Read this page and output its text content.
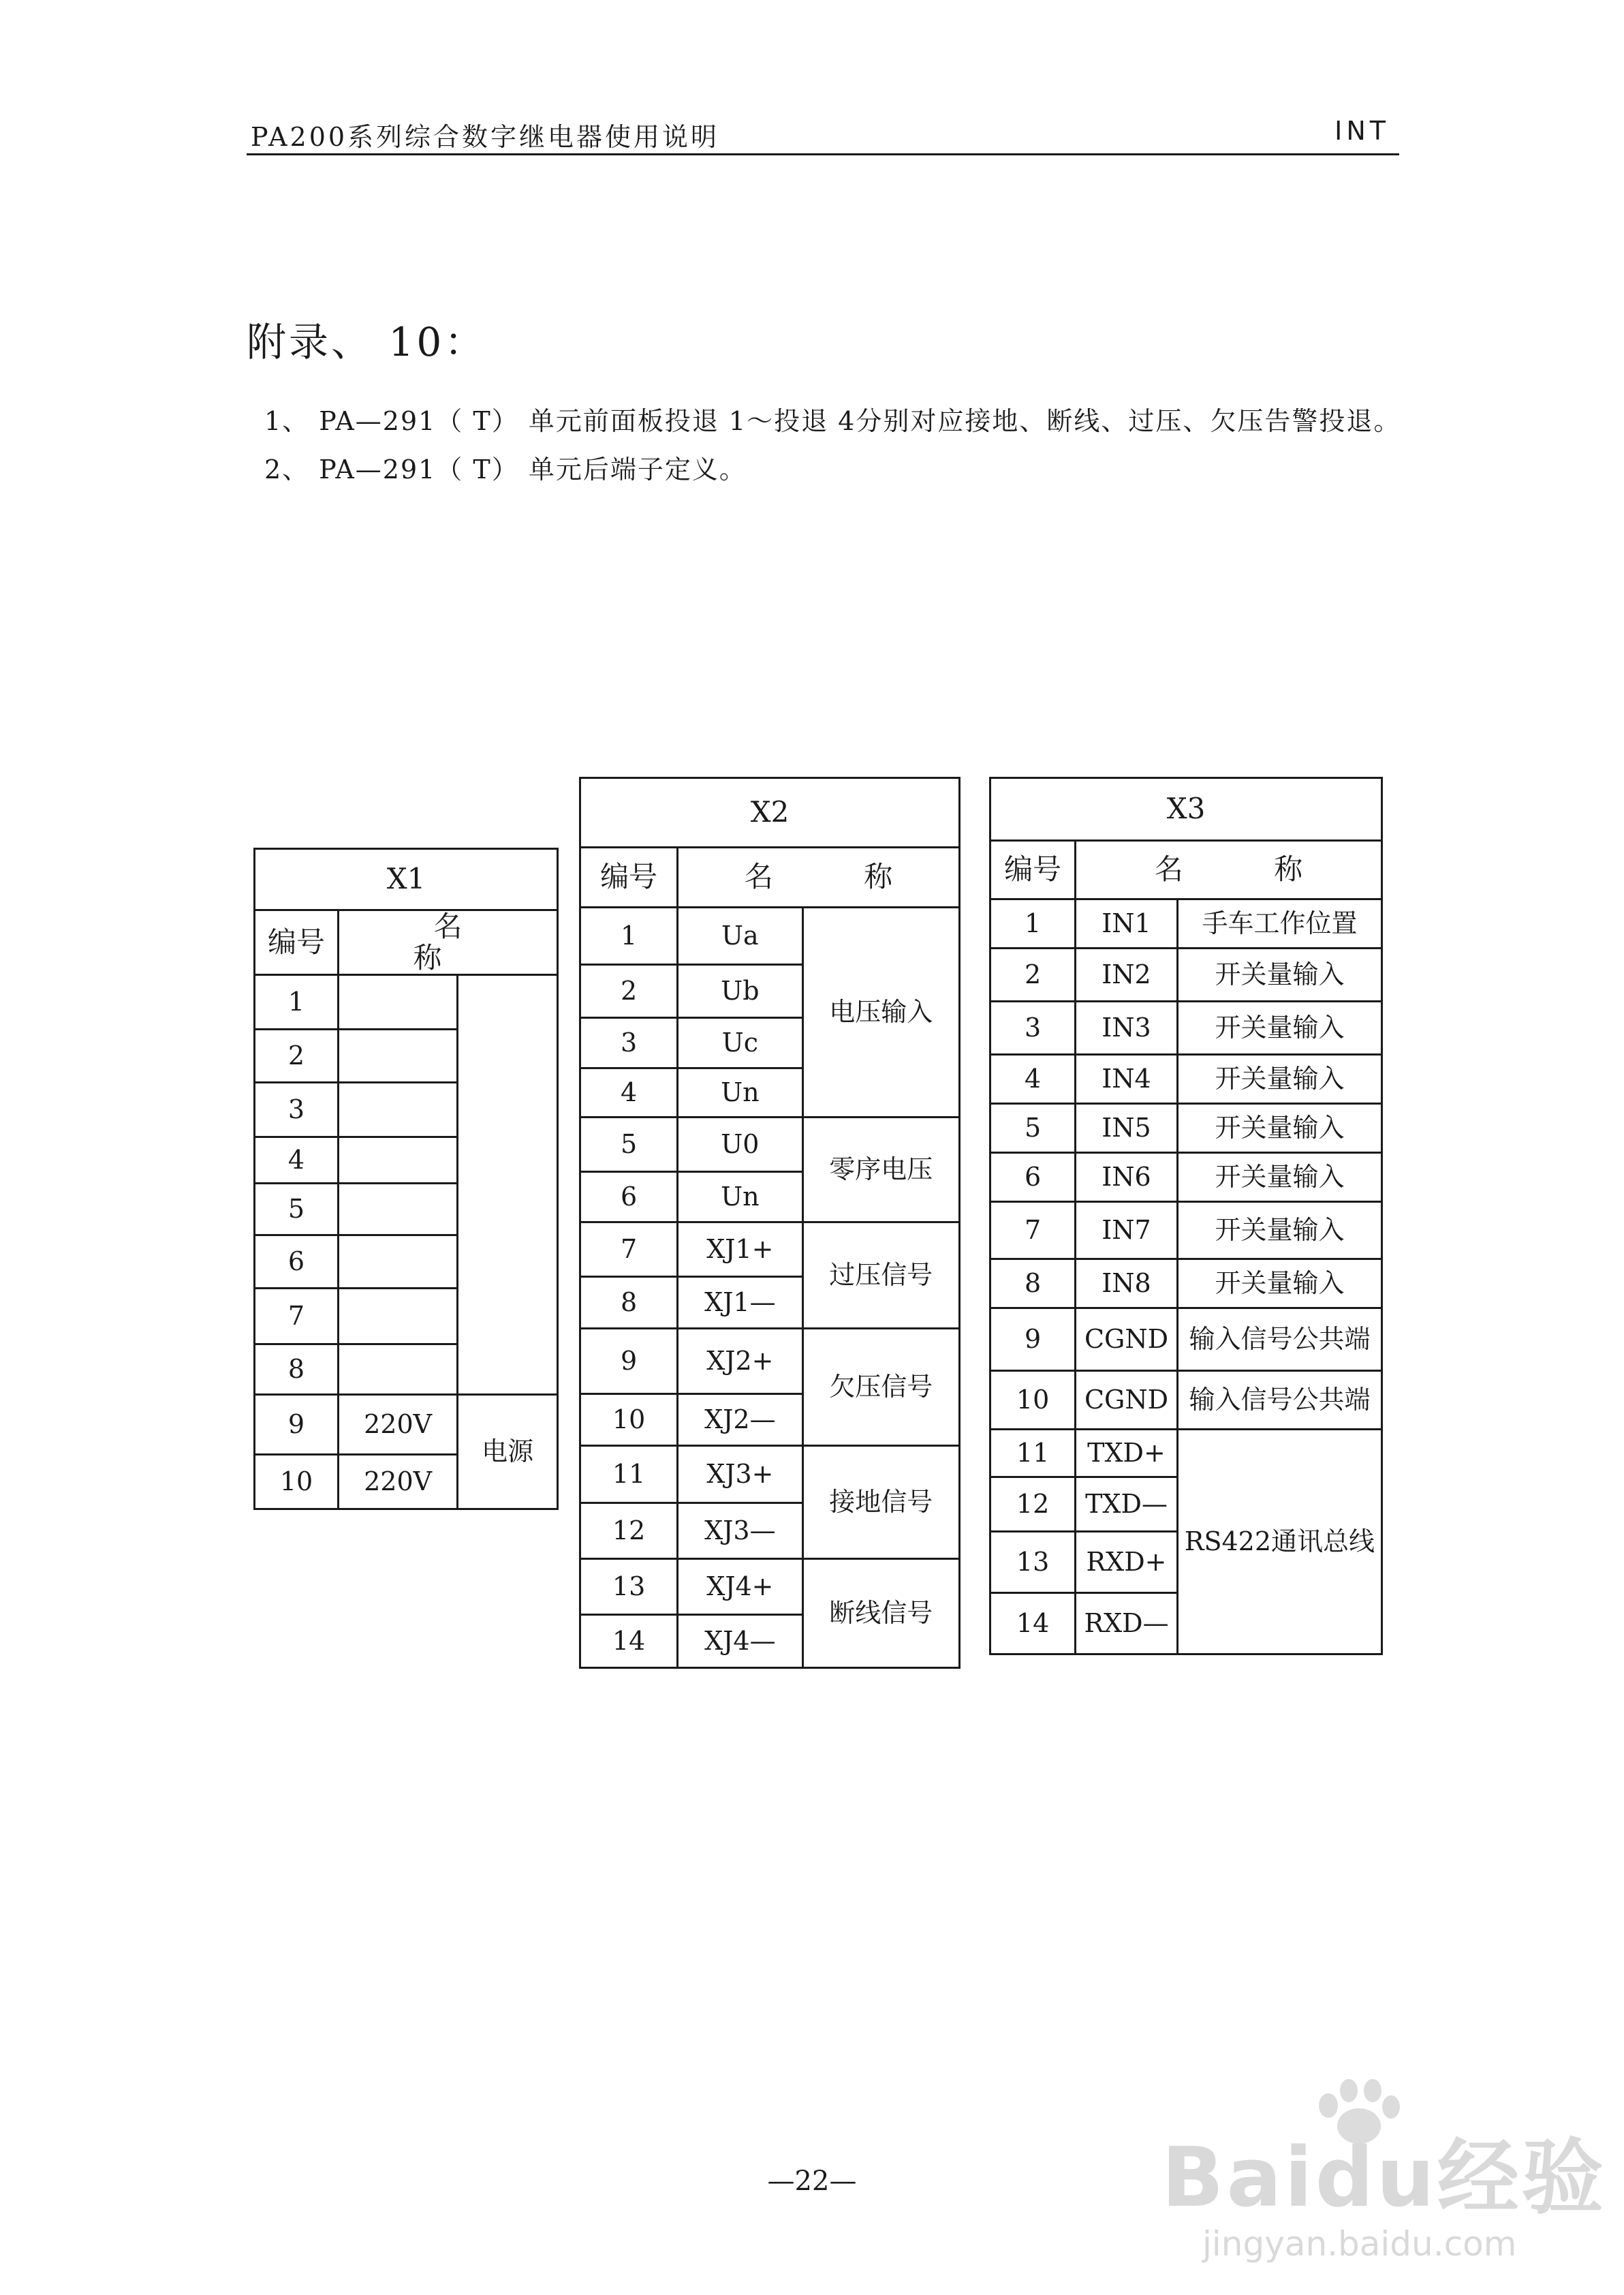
PA200系列综合数字继电器使用说明	INT
附录、 10：
1、 PA—291（ T） 单元前面板投退 1～投退 4分别对应接地、断线、过压、欠压告警投退。
2、 PA—291（ T） 单元后端子定义。
X1		
编号	名 称	
1		
2		
3		
4		
5		
6		
7		
8		
9	220V	电源
10	220V	
X2		
编号	名 称	
1	Ua	电压输入
2	Ub	
3	Uc	
4	Un	
5	U0	零序电压
6	Un	
7	XJ1+	过压信号
8	XJ1—	
9	XJ2+	欠压信号
10	XJ2—	
11	XJ3+	接地信号
12	XJ3—	
13	XJ4+	断线信号
14	XJ4—	
X3		
编号	名 称	
1	IN1	手车工作位置
2	IN2	开关量输入
3	IN3	开关量输入
4	IN4	开关量输入
5	IN5	开关量输入
6	IN6	开关量输入
7	IN7	开关量输入
8	IN8	开关量输入
9	CGND	输入信号公共端
10	CGND	输入信号公共端
11	TXD+	RS422通讯总线
12	TXD—	
13	RXD+	
14	RXD—	
—22—	Baidu经验
jingyan.baidu.com
